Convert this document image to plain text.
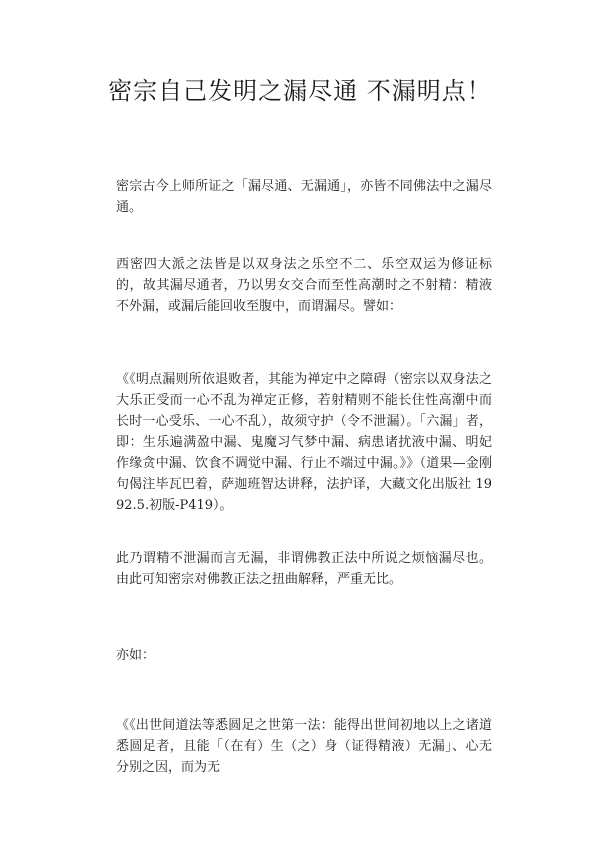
密宗自己发明之漏尽通 不漏明点！
密宗古今上师所证之「漏尽通、无漏通」，亦皆不同佛法中之漏尽通。
西密四大派之法皆是以双身法之乐空不二、乐空双运为修证标的，故其漏尽通者，乃以男女交合而至性高潮时之不射精：精液不外漏，或漏后能回收至腹中，而谓漏尽。譬如：
《《明点漏则所依退败者，其能为禅定中之障碍（密宗以双身法之大乐正受而一心不乱为禅定正修，若射精则不能长住性高潮中而长时一心受乐、一心不乱），故须守护（令不泄漏）。「六漏」者，即：生乐遍满盈中漏、鬼魔习气梦中漏、病患诸扰液中漏、明妃作缘贪中漏、饮食不调觉中漏、行止不端过中漏。》》（道果—金刚句偈注毕瓦巴着，萨迦班智达讲释，法护译，大藏文化出版社 1992.5.初版-P419）。
此乃谓精不泄漏而言无漏，非谓佛教正法中所说之烦恼漏尽也。由此可知密宗对佛教正法之扭曲解释，严重无比。
亦如：
《《出世间道法等悉圆足之世第一法：能得出世间初地以上之诸道悉圆足者，且能「（在有）生（之）身（证得精液）无漏」、心无分别之因，而为无
